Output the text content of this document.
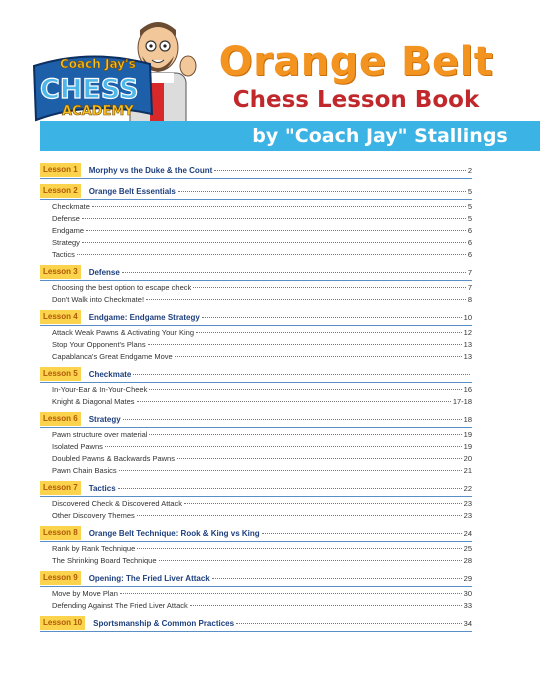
Coach Jay's
CHESS
ACADEMY
Orange Belt
Chess Lesson Book
by "Coach Jay" Stallings
Lesson 1	Morphy vs the Duke & the Count	2
Lesson 2	Orange Belt Essentials	5
Checkmate	5
Defense	5
Endgame	6
Strategy	6
Tactics	6
Lesson 3	Defense	7
Choosing the best option to escape check	7
Don't Walk into Checkmate!	8
Lesson 4	Endgame: Endgame Strategy	10
Attack Weak Pawns & Activating Your King	12
Stop Your Opponent's Plans	13
Capablanca's Great Endgame Move	13
Lesson 5	Checkmate
In-Your-Ear & In-Your-Cheek	16
Knight & Diagonal Mates	17-18
Lesson 6	Strategy	18
Pawn structure over material	19
Isolated Pawns	19
Doubled Pawns & Backwards Pawns	20
Pawn Chain Basics	21
Lesson 7	Tactics	22
Discovered Check & Discovered Attack	23
Other Discovery Themes	23
Lesson 8	Orange Belt Technique: Rook & King vs King	24
Rank by Rank Technique	25
The Shrinking Board Technique	28
Lesson 9	Opening: The Fried Liver Attack	29
Move by Move Plan	30
Defending Against The Fried Liver Attack	33
Lesson 10	Sportsmanship & Common Practices	34
